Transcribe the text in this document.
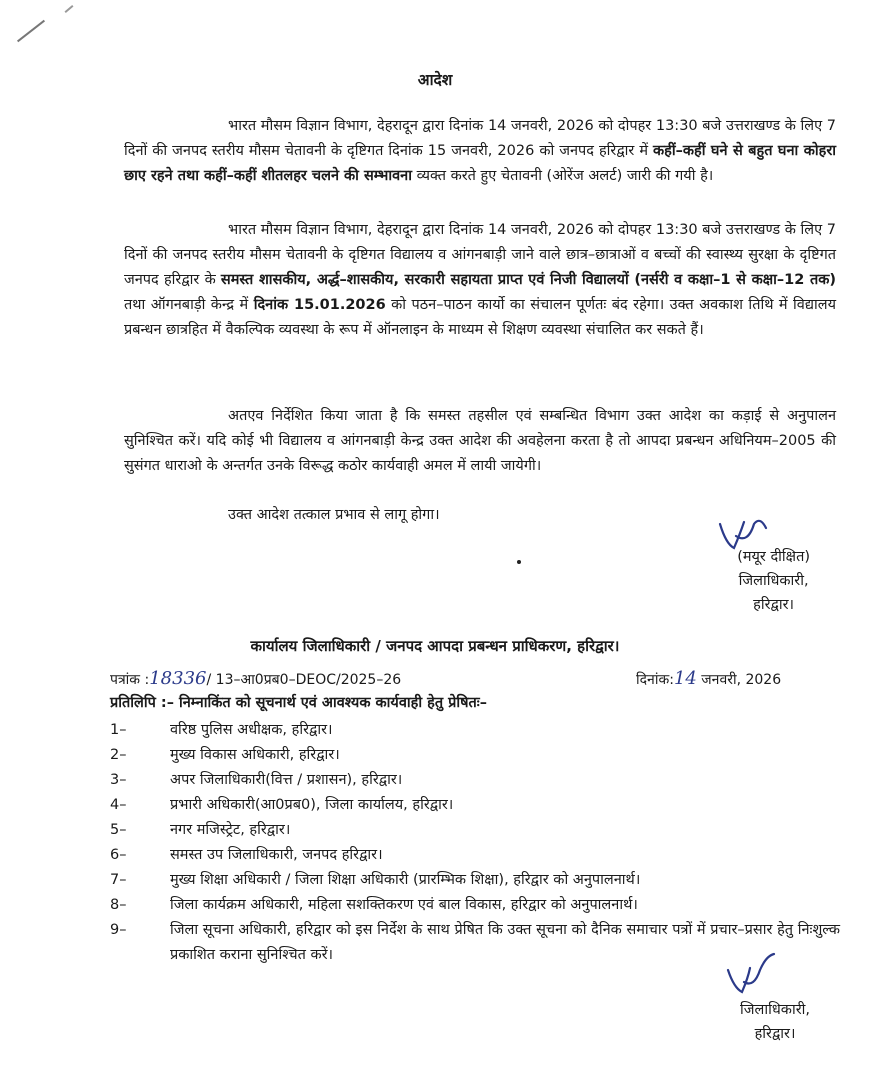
आदेश

भारत मौसम विज्ञान विभाग, देहरादून द्वारा दिनांक 14 जनवरी, 2026 को दोपहर 13:30 बजे उत्तराखण्ड के लिए 7 दिनों की जनपद स्तरीय मौसम चेतावनी के दृष्टिगत दिनांक 15 जनवरी, 2026 को जनपद हरिद्वार में कहीं–कहीं घने से बहुत घना कोहरा छाए रहने तथा कहीं–कहीं शीतलहर चलने की सम्भावना व्यक्त करते हुए चेतावनी (ओरेंज अलर्ट) जारी की गयी है।

भारत मौसम विज्ञान विभाग, देहरादून द्वारा दिनांक 14 जनवरी, 2026 को दोपहर 13:30 बजे उत्तराखण्ड के लिए 7 दिनों की जनपद स्तरीय मौसम चेतावनी के दृष्टिगत विद्यालय व आंगनबाड़ी जाने वाले छात्र–छात्राओं व बच्चों की स्वास्थ्य सुरक्षा के दृष्टिगत जनपद हरिद्वार के समस्त शासकीय, अर्द्ध–शासकीय, सरकारी सहायता प्राप्त एवं निजी विद्यालयों (नर्सरी व कक्षा–1 से कक्षा–12 तक) तथा ऑगनबाड़ी केन्द्र में दिनांक 15.01.2026 को पठन–पाठन कार्यो का संचालन पूर्णतः बंद रहेगा। उक्त अवकाश तिथि में विद्यालय प्रबन्धन छात्रहित में वैकल्पिक व्यवस्था के रूप में ऑनलाइन के माध्यम से शिक्षण व्यवस्था संचालित कर सकते हैं।

अतएव निर्देशित किया जाता है कि समस्त तहसील एवं सम्बन्धित विभाग उक्त आदेश का कड़ाई से अनुपालन सुनिश्चित करें। यदि कोई भी विद्यालय व आंगनबाड़ी केन्द्र उक्त आदेश की अवहेलना करता है तो आपदा प्रबन्धन अधिनियम–2005 की सुसंगत धाराओ के अन्तर्गत उनके विरूद्ध कठोर कार्यवाही अमल में लायी जायेगी।

उक्त आदेश तत्काल प्रभाव से लागू होगा।

(मयूर दीक्षित)
जिलाधिकारी,
हरिद्वार।
कार्यालय जिलाधिकारी / जनपद आपदा प्रबन्धन प्राधिकरण, हरिद्वार।
पत्रांक :18336/ 13–आ0प्रब0–DEOC/2025–26	दिनांक:14 जनवरी, 2026
प्रतिलिपि :– निम्नाकिंत को सूचनार्थ एवं आवश्यक कार्यवाही हेतु प्रेषितः–
1–	वरिष्ठ पुलिस अधीक्षक, हरिद्वार।
2–	मुख्य विकास अधिकारी, हरिद्वार।
3–	अपर जिलाधिकारी(वित्त / प्रशासन), हरिद्वार।
4–	प्रभारी अधिकारी(आ0प्रब0), जिला कार्यालय, हरिद्वार।
5–	नगर मजिस्ट्रेट, हरिद्वार।
6–	समस्त उप जिलाधिकारी, जनपद हरिद्वार।
7–	मुख्य शिक्षा अधिकारी / जिला शिक्षा अधिकारी (प्रारम्भिक शिक्षा), हरिद्वार को अनुपालनार्थ।
8–	जिला कार्यक्रम अधिकारी, महिला सशक्तिकरण एवं बाल विकास, हरिद्वार को अनुपालनार्थ।
9–	जिला सूचना अधिकारी, हरिद्वार को इस निर्देश के साथ प्रेषित कि उक्त सूचना को दैनिक समाचार पत्रों में प्रचार–प्रसार हेतु निःशुल्क प्रकाशित कराना सुनिश्चित करें।
जिलाधिकारी,
हरिद्वार।
